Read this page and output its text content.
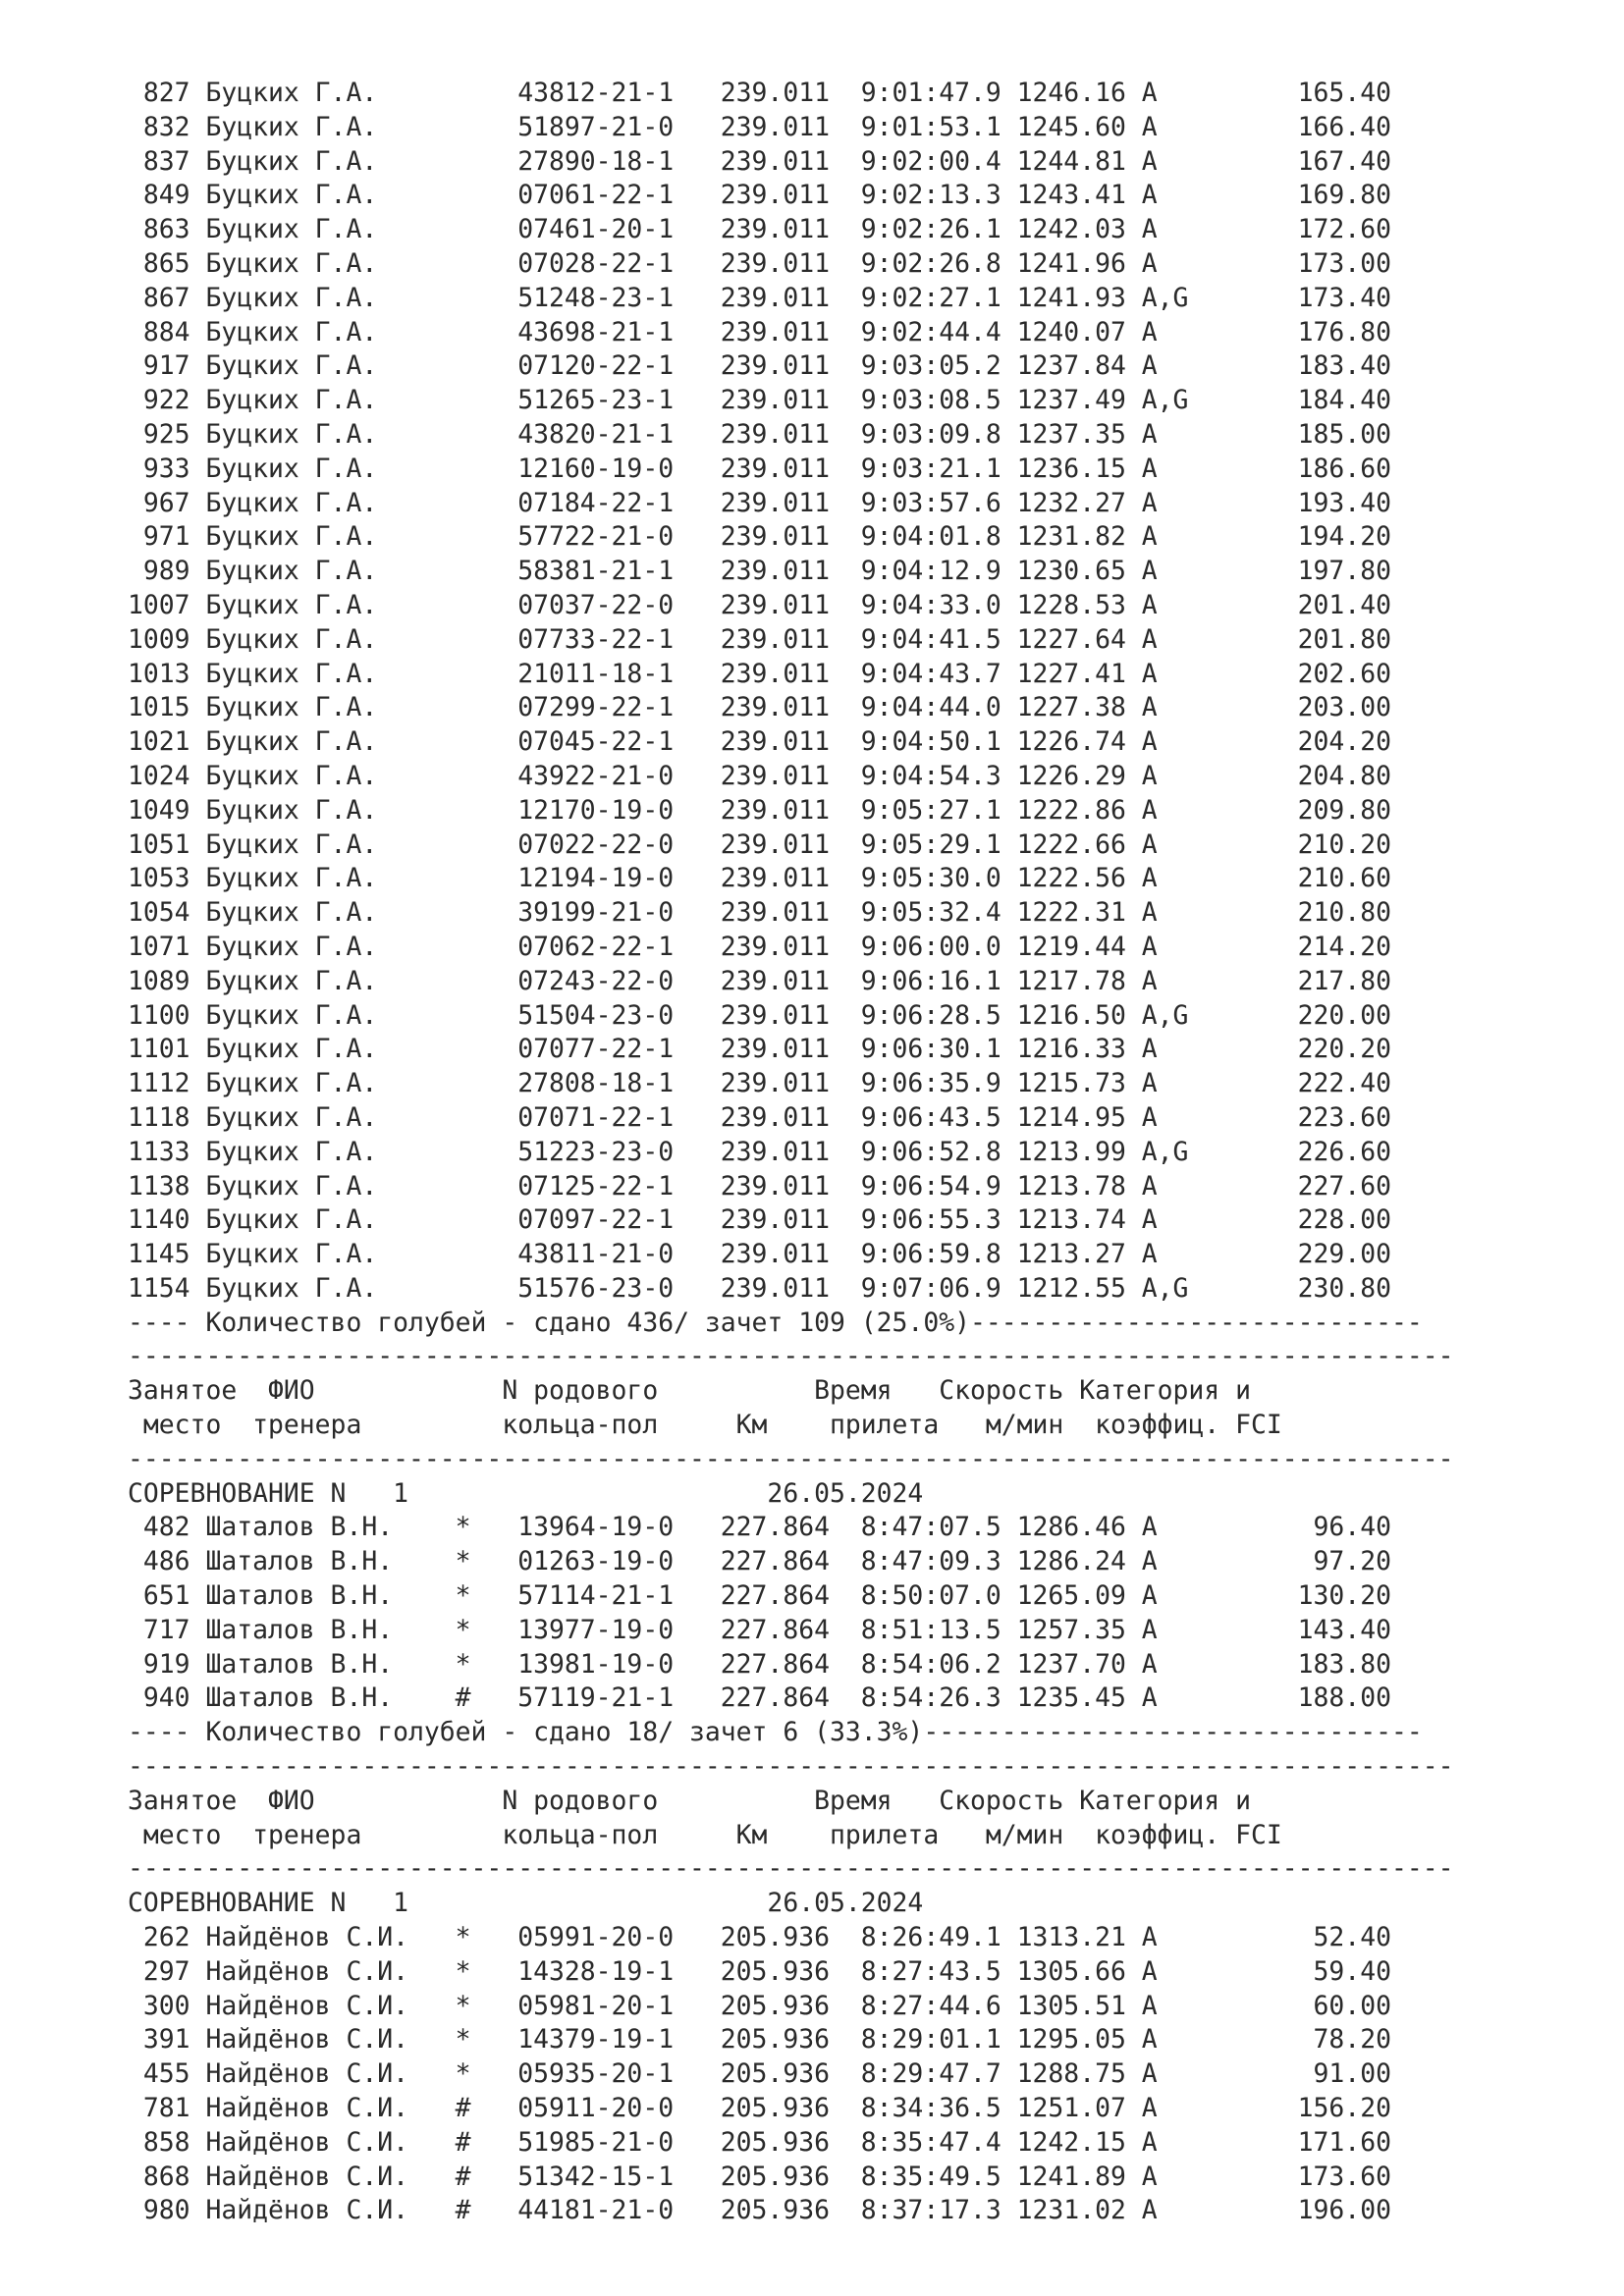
827 Буцких Г.А.         43812-21-1   239.011  9:01:47.9 1246.16 A         165.40
832 Буцких Г.А.         51897-21-0   239.011  9:01:53.1 1245.60 A         166.40
837 Буцких Г.А.         27890-18-1   239.011  9:02:00.4 1244.81 A         167.40
849 Буцких Г.А.         07061-22-1   239.011  9:02:13.3 1243.41 A         169.80
863 Буцких Г.А.         07461-20-1   239.011  9:02:26.1 1242.03 A         172.60
865 Буцких Г.А.         07028-22-1   239.011  9:02:26.8 1241.96 A         173.00
867 Буцких Г.А.         51248-23-1   239.011  9:02:27.1 1241.93 A,G       173.40
884 Буцких Г.А.         43698-21-1   239.011  9:02:44.4 1240.07 A         176.80
917 Буцких Г.А.         07120-22-1   239.011  9:03:05.2 1237.84 A         183.40
922 Буцких Г.А.         51265-23-1   239.011  9:03:08.5 1237.49 A,G       184.40
925 Буцких Г.А.         43820-21-1   239.011  9:03:09.8 1237.35 A         185.00
933 Буцких Г.А.         12160-19-0   239.011  9:03:21.1 1236.15 A         186.60
967 Буцких Г.А.         07184-22-1   239.011  9:03:57.6 1232.27 A         193.40
971 Буцких Г.А.         57722-21-0   239.011  9:04:01.8 1231.82 A         194.20
989 Буцких Г.А.         58381-21-1   239.011  9:04:12.9 1230.65 A         197.80
1007 Буцких Г.А.         07037-22-0   239.011  9:04:33.0 1228.53 A         201.40
1009 Буцких Г.А.         07733-22-1   239.011  9:04:41.5 1227.64 A         201.80
1013 Буцких Г.А.         21011-18-1   239.011  9:04:43.7 1227.41 A         202.60
1015 Буцких Г.А.         07299-22-1   239.011  9:04:44.0 1227.38 A         203.00
1021 Буцких Г.А.         07045-22-1   239.011  9:04:50.1 1226.74 A         204.20
1024 Буцких Г.А.         43922-21-0   239.011  9:04:54.3 1226.29 A         204.80
1049 Буцких Г.А.         12170-19-0   239.011  9:05:27.1 1222.86 A         209.80
1051 Буцких Г.А.         07022-22-0   239.011  9:05:29.1 1222.66 A         210.20
1053 Буцких Г.А.         12194-19-0   239.011  9:05:30.0 1222.56 A         210.60
1054 Буцких Г.А.         39199-21-0   239.011  9:05:32.4 1222.31 A         210.80
1071 Буцких Г.А.         07062-22-1   239.011  9:06:00.0 1219.44 A         214.20
1089 Буцких Г.А.         07243-22-0   239.011  9:06:16.1 1217.78 A         217.80
1100 Буцких Г.А.         51504-23-0   239.011  9:06:28.5 1216.50 A,G       220.00
1101 Буцких Г.А.         07077-22-1   239.011  9:06:30.1 1216.33 A         220.20
1112 Буцких Г.А.         27808-18-1   239.011  9:06:35.9 1215.73 A         222.40
1118 Буцких Г.А.         07071-22-1   239.011  9:06:43.5 1214.95 A         223.60
1133 Буцких Г.А.         51223-23-0   239.011  9:06:52.8 1213.99 A,G       226.60
1138 Буцких Г.А.         07125-22-1   239.011  9:06:54.9 1213.78 A         227.60
1140 Буцких Г.А.         07097-22-1   239.011  9:06:55.3 1213.74 A         228.00
1145 Буцких Г.А.         43811-21-0   239.011  9:06:59.8 1213.27 A         229.00
1154 Буцких Г.А.         51576-23-0   239.011  9:07:06.9 1212.55 A,G       230.80
---- Количество голубей - сдано 436/ зачет 109 (25.0%)-----------------------------
-------------------------------------------------------------------------------------
Занятое  ФИО            N родового          Время   Скорость Категория и
место  тренера         кольца-пол     Км    прилета   м/мин  коэффиц. FCI
-------------------------------------------------------------------------------------
СОРЕВНОВАНИЕ N   1                       26.05.2024
482 Шаталов В.Н.    *   13964-19-0   227.864  8:47:07.5 1286.46 A          96.40
486 Шаталов В.Н.    *   01263-19-0   227.864  8:47:09.3 1286.24 A          97.20
651 Шаталов В.Н.    *   57114-21-1   227.864  8:50:07.0 1265.09 A         130.20
717 Шаталов В.Н.    *   13977-19-0   227.864  8:51:13.5 1257.35 A         143.40
919 Шаталов В.Н.    *   13981-19-0   227.864  8:54:06.2 1237.70 A         183.80
940 Шаталов В.Н.    #   57119-21-1   227.864  8:54:26.3 1235.45 A         188.00
---- Количество голубей - сдано 18/ зачет 6 (33.3%)--------------------------------
-------------------------------------------------------------------------------------
Занятое  ФИО            N родового          Время   Скорость Категория и
место  тренера         кольца-пол     Км    прилета   м/мин  коэффиц. FCI
-------------------------------------------------------------------------------------
СОРЕВНОВАНИЕ N   1                       26.05.2024
262 Найдёнов С.И.   *   05991-20-0   205.936  8:26:49.1 1313.21 A          52.40
297 Найдёнов С.И.   *   14328-19-1   205.936  8:27:43.5 1305.66 A          59.40
300 Найдёнов С.И.   *   05981-20-1   205.936  8:27:44.6 1305.51 A          60.00
391 Найдёнов С.И.   *   14379-19-1   205.936  8:29:01.1 1295.05 A          78.20
455 Найдёнов С.И.   *   05935-20-1   205.936  8:29:47.7 1288.75 A          91.00
781 Найдёнов С.И.   #   05911-20-0   205.936  8:34:36.5 1251.07 A         156.20
858 Найдёнов С.И.   #   51985-21-0   205.936  8:35:47.4 1242.15 A         171.60
868 Найдёнов С.И.   #   51342-15-1   205.936  8:35:49.5 1241.89 A         173.60
980 Найдёнов С.И.   #   44181-21-0   205.936  8:37:17.3 1231.02 A         196.00
